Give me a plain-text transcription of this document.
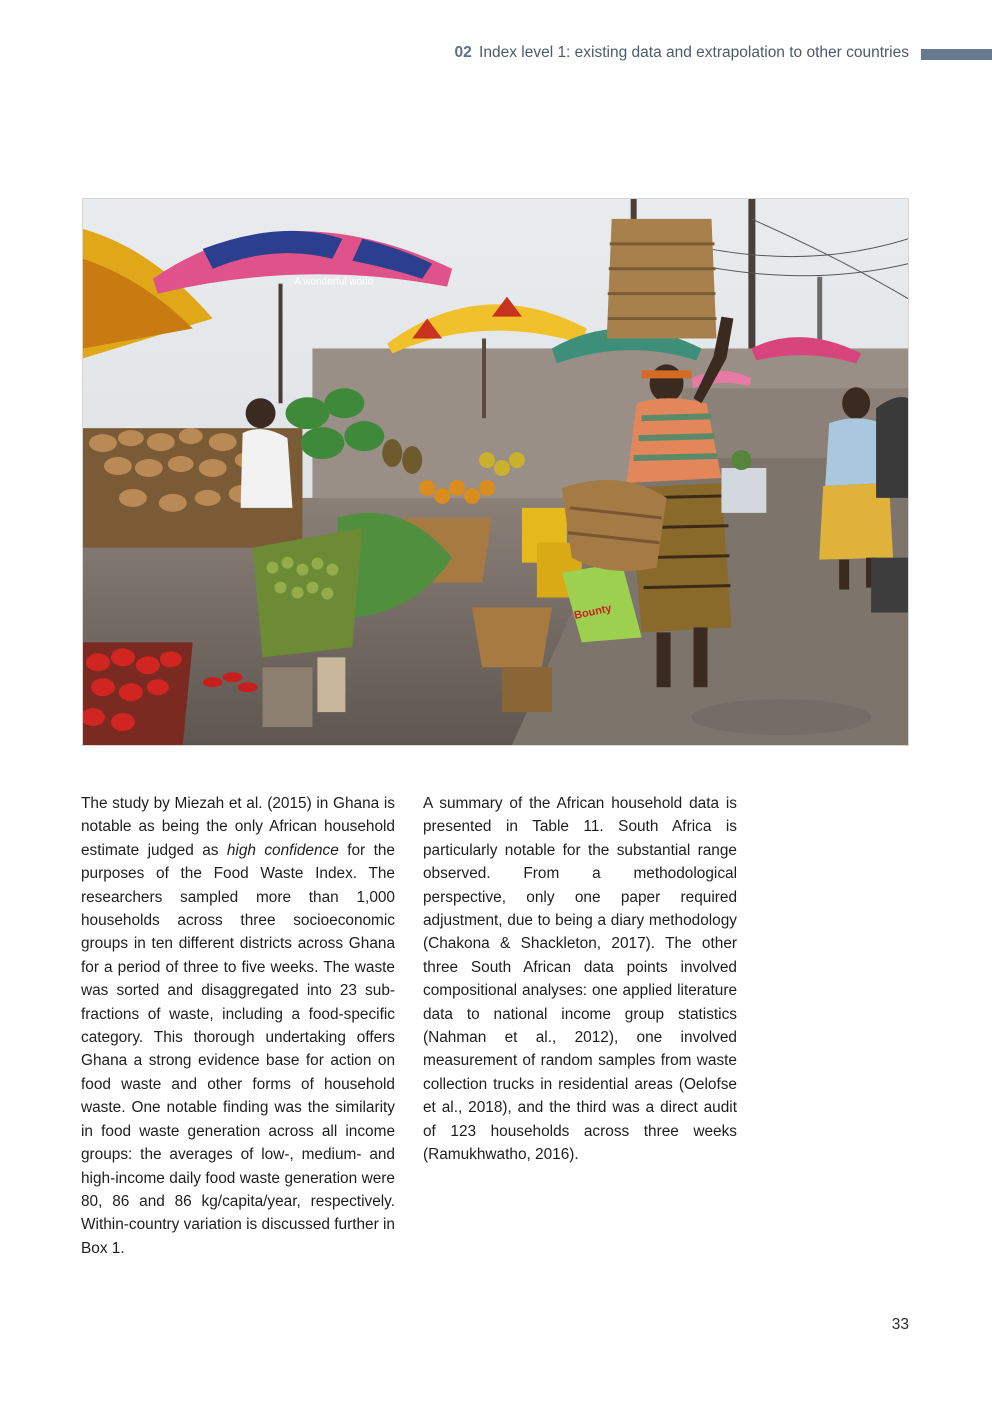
02 Index level 1: existing data and extrapolation to other countries
A wonderful world
Bounty
The study by Miezah et al. (2015) in Ghana is notable as being the only African household estimate judged as high confidence for the purposes of the Food Waste Index. The researchers sampled more than 1,000 households across three socioeconomic groups in ten different districts across Ghana for a period of three to five weeks. The waste was sorted and disaggregated into 23 sub-fractions of waste, including a food-specific category. This thorough undertaking offers Ghana a strong evidence base for action on food waste and other forms of household waste. One notable finding was the similarity in food waste generation across all income groups: the averages of low-, medium- and high-income daily food waste generation were 80, 86 and 86 kg/capita/year, respectively. Within-country variation is discussed further in Box 1.
A summary of the African household data is presented in Table 11. South Africa is particularly notable for the substantial range observed. From a methodological perspective, only one paper required adjustment, due to being a diary methodology (Chakona & Shackleton, 2017). The other three South African data points involved compositional analyses: one applied literature data to national income group statistics (Nahman et al., 2012), one involved measurement of random samples from waste collection trucks in residential areas (Oelofse et al., 2018), and the third was a direct audit of 123 households across three weeks (Ramukhwatho, 2016).
33
